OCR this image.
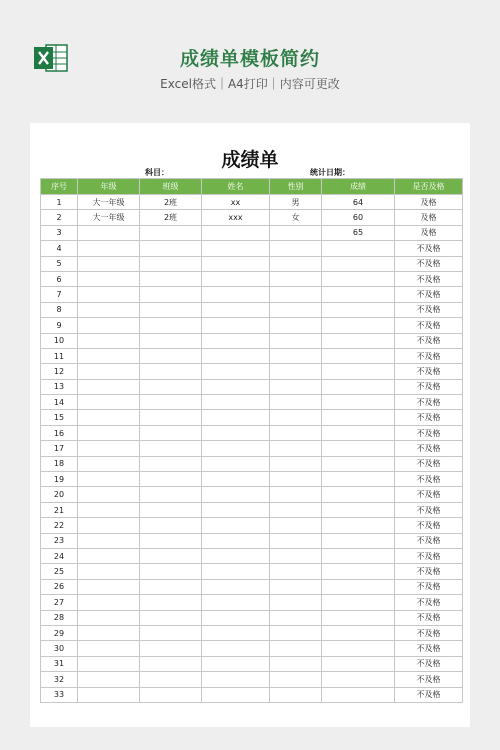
成绩单模板简约
Excel格式｜A4打印｜内容可更改
成绩单
科目：	统计日期：
序号	年级	班级	姓名	性别	成绩	是否及格
1	大一年级	2班	xx	男	64	及格
2	大一年级	2班	xxx	女	60	及格
3					65	及格
4						不及格
5						不及格
6						不及格
7						不及格
8						不及格
9						不及格
10						不及格
11						不及格
12						不及格
13						不及格
14						不及格
15						不及格
16						不及格
17						不及格
18						不及格
19						不及格
20						不及格
21						不及格
22						不及格
23						不及格
24						不及格
25						不及格
26						不及格
27						不及格
28						不及格
29						不及格
30						不及格
31						不及格
32						不及格
33						不及格
